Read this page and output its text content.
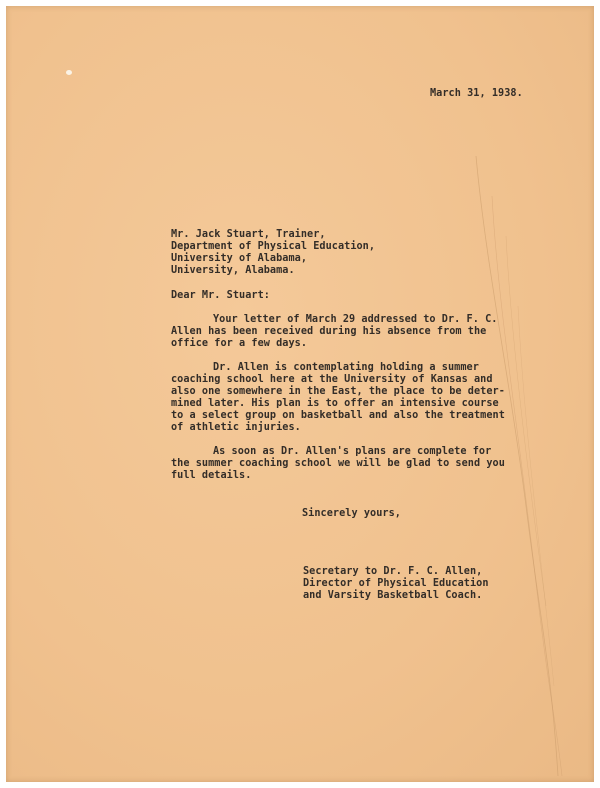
March 31, 1938.
Mr. Jack Stuart, Trainer,
Department of Physical Education,
University of Alabama,
University, Alabama.
Dear Mr. Stuart:
Your letter of March 29 addressed to Dr. F. C.
Allen has been received during his absence from the
office for a few days.
Dr. Allen is contemplating holding a summer
coaching school here at the University of Kansas and
also one somewhere in the East, the place to be deter-
mined later. His plan is to offer an intensive course
to a select group on basketball and also the treatment
of athletic injuries.
As soon as Dr. Allen's plans are complete for
the summer coaching school we will be glad to send you
full details.
Sincerely yours,
Secretary to Dr. F. C. Allen,
Director of Physical Education
and Varsity Basketball Coach.
